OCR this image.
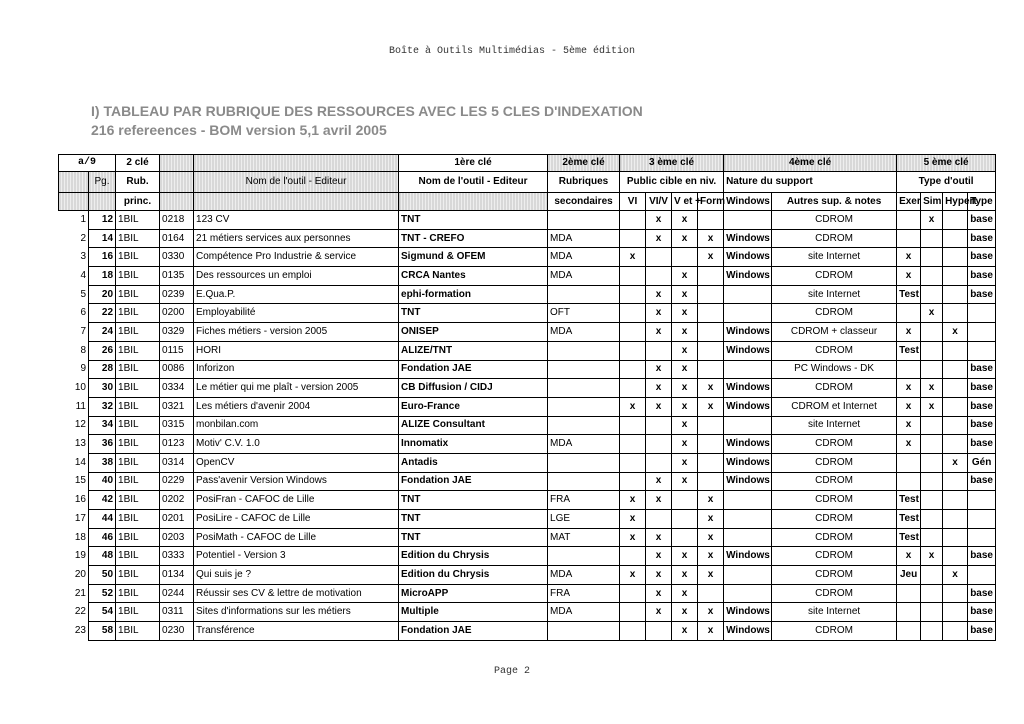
Boîte à Outils Multimédias - 5ème édition
I) TABLEAU PAR RUBRIQUE DES RESSOURCES AVEC LES 5 CLES D'INDEXATION
216 refereences - BOM version 5,1 avril 2005
a/9		2 clé			1ère clé	2ème clé	3 ème clé				4ème clé		5 ème clé			
	Pg.	Rub.		Nom de l'outil - Editeur	Nom de l'outil - Editeur	Rubriques	Public cible en niv.				Nature du support		Type d'outil			
		princ.				secondaires	VI	VI/V	V et +	Form	Windows	Autres sup. & notes	Exer	Sim	Hypert	Type
1	12	1BIL	0218	123 CV	TNT			x	x			CDROM		x		base
2	14	1BIL	0164	21 métiers services aux personnes	TNT - CREFO	MDA		x	x	x	Windows	CDROM				base
3	16	1BIL	0330	Compétence Pro Industrie & service	Sigmund & OFEM	MDA	x			x	Windows	site Internet	x			base
4	18	1BIL	0135	Des ressources un emploi	CRCA Nantes	MDA			x		Windows	CDROM	x			base
5	20	1BIL	0239	E.Qua.P.	ephi-formation			x	x			site Internet	Test			base
6	22	1BIL	0200	Employabilité	TNT	OFT		x	x			CDROM		x		
7	24	1BIL	0329	Fiches métiers - version 2005	ONISEP	MDA		x	x		Windows	CDROM + classeur	x		x	
8	26	1BIL	0115	HORI	ALIZE/TNT				x		Windows	CDROM	Test			
9	28	1BIL	0086	Inforizon	Fondation JAE			x	x			PC Windows - DK				base
10	30	1BIL	0334	Le métier qui me plaît - version 2005	CB Diffusion / CIDJ			x	x	x	Windows	CDROM	x	x		base
11	32	1BIL	0321	Les métiers d'avenir 2004	Euro-France		x	x	x	x	Windows	CDROM et Internet	x	x		base
12	34	1BIL	0315	monbilan.com	ALIZE Consultant				x			site Internet	x			base
13	36	1BIL	0123	Motiv' C.V. 1.0	Innomatix	MDA			x		Windows	CDROM	x			base
14	38	1BIL	0314	OpenCV	Antadis				x		Windows	CDROM			x	Gén
15	40	1BIL	0229	Pass'avenir Version Windows	Fondation JAE			x	x		Windows	CDROM				base
16	42	1BIL	0202	PosiFran - CAFOC de Lille	TNT	FRA	x	x		x		CDROM	Test			
17	44	1BIL	0201	PosiLire - CAFOC de Lille	TNT	LGE	x			x		CDROM	Test			
18	46	1BIL	0203	PosiMath - CAFOC de Lille	TNT	MAT	x	x		x		CDROM	Test			
19	48	1BIL	0333	Potentiel - Version 3	Edition du Chrysis			x	x	x	Windows	CDROM	x	x		base
20	50	1BIL	0134	Qui suis je ?	Edition du Chrysis	MDA	x	x	x	x		CDROM	Jeu		x	
21	52	1BIL	0244	Réussir ses CV & lettre de motivation	MicroAPP	FRA		x	x			CDROM				base
22	54	1BIL	0311	Sites d'informations sur les métiers	Multiple	MDA		x	x	x	Windows	site Internet				base
23	58	1BIL	0230	Transférence	Fondation JAE				x	x	Windows	CDROM				base
Page 2
